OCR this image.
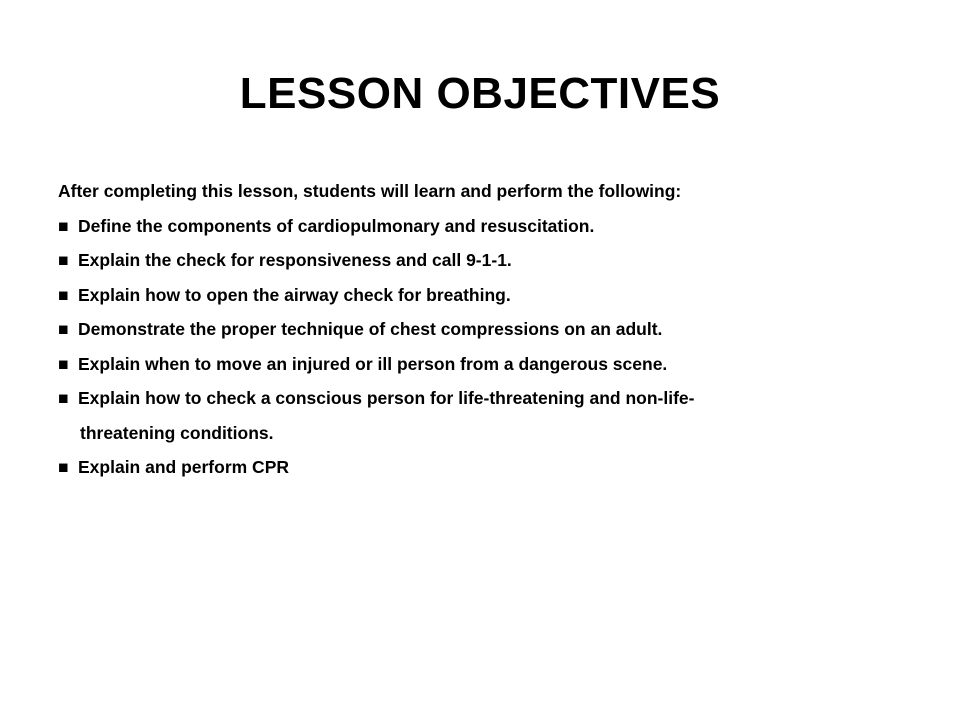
LESSON OBJECTIVES

After completing this lesson, students will learn and perform the following:

■ Define the components of cardiopulmonary and resuscitation.

■ Explain the check for responsiveness and call 9-1-1.

■ Explain how to open the airway check for breathing.

■ Demonstrate the proper technique of chest compressions on an adult.

■ Explain when to move an injured or ill person from a dangerous scene.

■ Explain how to check a conscious person for life-threatening and non-life-

threatening conditions.

■ Explain and perform CPR
